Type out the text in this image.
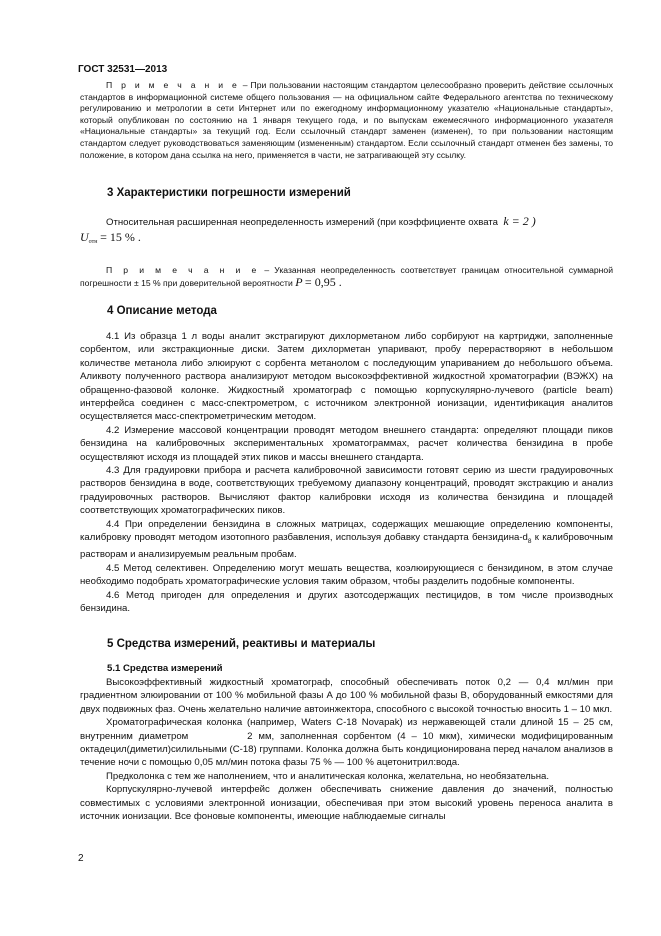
ГОСТ 32531—2013

П р и м е ч а н и е – При пользовании настоящим стандартом целесообразно проверить действие ссылочных стандартов в информационной системе общего пользования — на официальном сайте Федерального агентства по техническому регулированию и метрологии в сети Интернет или по ежегодному информационному указателю «Национальные стандарты», который опубликован по состоянию на 1 января текущего года, и по выпускам ежемесячного информационного указателя «Национальные стандарты» за текущий год. Если ссылочный стандарт заменен (изменен), то при пользовании настоящим стандартом следует руководствоваться заменяющим (измененным) стандартом. Если ссылочный стандарт отменен без замены, то положение, в котором дана ссылка на него, применяется в части, не затрагивающей эту ссылку.

3 Характеристики погрешности измерений

Относительная расширенная неопределенность измерений (при коэффициенте охвата k = 2 )

$U_{отн} = 15$ % .

П р и м е ч а н и е – Указанная неопределенность соответствует границам относительной суммарной погрешности ± 15 % при доверительной вероятности P = 0,95 .

4 Описание метода

4.1 Из образца 1 л воды аналит экстрагируют дихлорметаном либо сорбируют на картриджи, заполненные сорбентом, или экстракционные диски. Затем дихлорметан упаривают, пробу перерастворяют в небольшом количестве метанола либо элюируют с сорбента метанолом с последующим упариванием до небольшого объема. Аликвоту полученного раствора анализируют методом высокоэффективной жидкостной хроматографии (ВЭЖХ) на обращенно-фазовой колонке. Жидкостный хроматограф с помощью корпускулярно-лучевого (particle beam) интерфейса соединен с масс-спектрометром, с источником электронной ионизации, идентификация аналитов осуществляется масс-спектрометрическим методом.

4.2 Измерение массовой концентрации проводят методом внешнего стандарта: определяют площади пиков бензидина на калибровочных экспериментальных хроматограммах, расчет количества бензидина в пробе осуществляют исходя из площадей этих пиков и массы внешнего стандарта.

4.3 Для градуировки прибора и расчета калибровочной зависимости готовят серию из шести градуировочных растворов бензидина в воде, соответствующих требуемому диапазону концентраций, проводят экстракцию и анализ градуировочных растворов. Вычисляют фактор калибровки исходя из количества бензидина и площадей соответствующих хроматографических пиков.

4.4 При определении бензидина в сложных матрицах, содержащих мешающие определению компоненты, калибровку проводят методом изотопного разбавления, используя добавку стандарта бензидина-$d_8$ к калибровочным растворам и анализируемым реальным пробам.

4.5 Метод селективен. Определению могут мешать вещества, коэлюирующиеся с бензидином, в этом случае необходимо подобрать хроматографические условия таким образом, чтобы разделить подобные компоненты.

4.6 Метод пригоден для определения и других азотсодержащих пестицидов, в том числе производных бензидина.

5 Средства измерений, реактивы и материалы
5.1 Средства измерений

Высокоэффективный жидкостный хроматограф, способный обеспечивать поток 0,2 — 0,4 мл/мин при градиентном элюировании от 100 % мобильной фазы А до 100 % мобильной фазы В, оборудованный емкостями для двух подвижных фаз. Очень желательно наличие автоинжектора, способного с высокой точностью вносить 1 – 10 мкл.

Хроматографическая колонка (например, Waters C-18 Novapak) из нержавеющей стали длиной 15 – 25 см, внутренним диаметром          2 мм, заполненная сорбентом (4 – 10 мкм), химически модифицированным октадецил(диметил)силильными (С-18) группами. Колонка должна быть кондиционирована перед началом анализов в течение ночи с помощью 0,05 мл/мин потока фазы 75 % — 100 % ацетонитрил:вода.

Предколонка с тем же наполнением, что и аналитическая колонка, желательна, но необязательна.

Корпускулярно-лучевой интерфейс должен обеспечивать снижение давления до значений, полностью совместимых с условиями электронной ионизации, обеспечивая при этом высокий уровень переноса аналита в источник ионизации. Все фоновые компоненты, имеющие наблюдаемые сигналы

2
